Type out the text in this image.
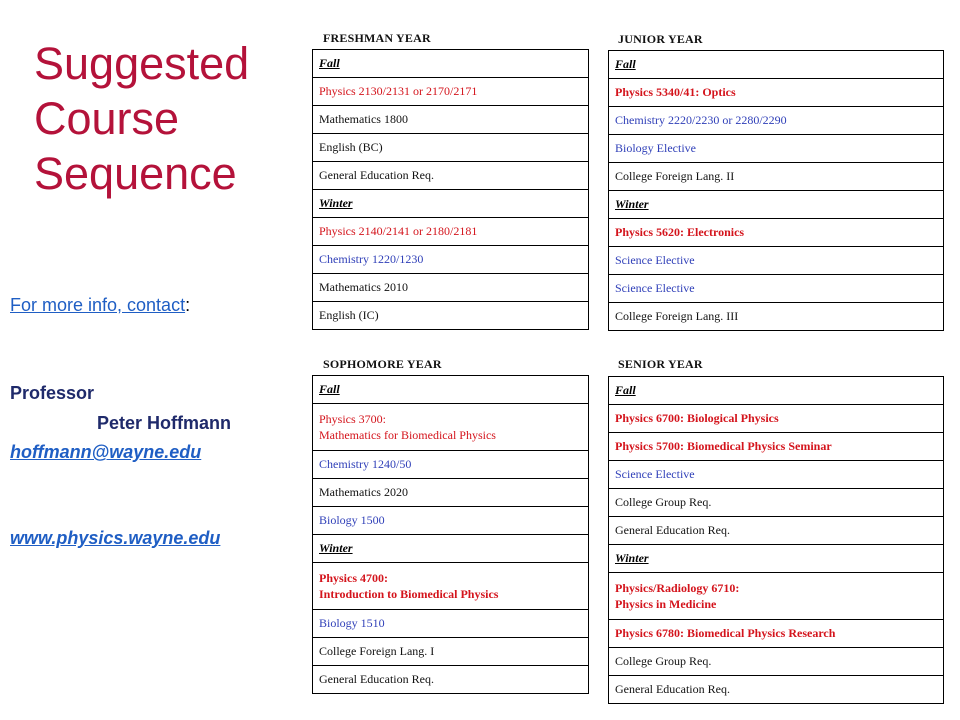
Suggested
Course
Sequence
For more info, contact:
Professor
Peter Hoffmann
hoffmann@wayne.edu
www.physics.wayne.edu
FRESHMAN YEAR
Fall
Physics 2130/2131 or 2170/2171
Mathematics 1800
English (BC)
General Education Req.
Winter
Physics 2140/2141 or 2180/2181
Chemistry 1220/1230
Mathematics 2010
English (IC)
JUNIOR YEAR
Fall
Physics 5340/41: Optics
Chemistry 2220/2230 or 2280/2290
Biology Elective
College Foreign Lang. II
Winter
Physics 5620: Electronics
Science Elective
Science Elective
College Foreign Lang. III
SOPHOMORE YEAR
Fall
Physics 3700:
Mathematics for Biomedical Physics
Chemistry 1240/50
Mathematics 2020
Biology 1500
Winter
Physics 4700:
Introduction to Biomedical Physics
Biology 1510
College Foreign Lang. I
General Education Req.
SENIOR YEAR
Fall
Physics 6700: Biological Physics
Physics 5700: Biomedical Physics Seminar
Science Elective
College Group Req.
General Education Req.
Winter
Physics/Radiology 6710:
Physics in Medicine
Physics 6780: Biomedical Physics Research
College Group Req.
General Education Req.
